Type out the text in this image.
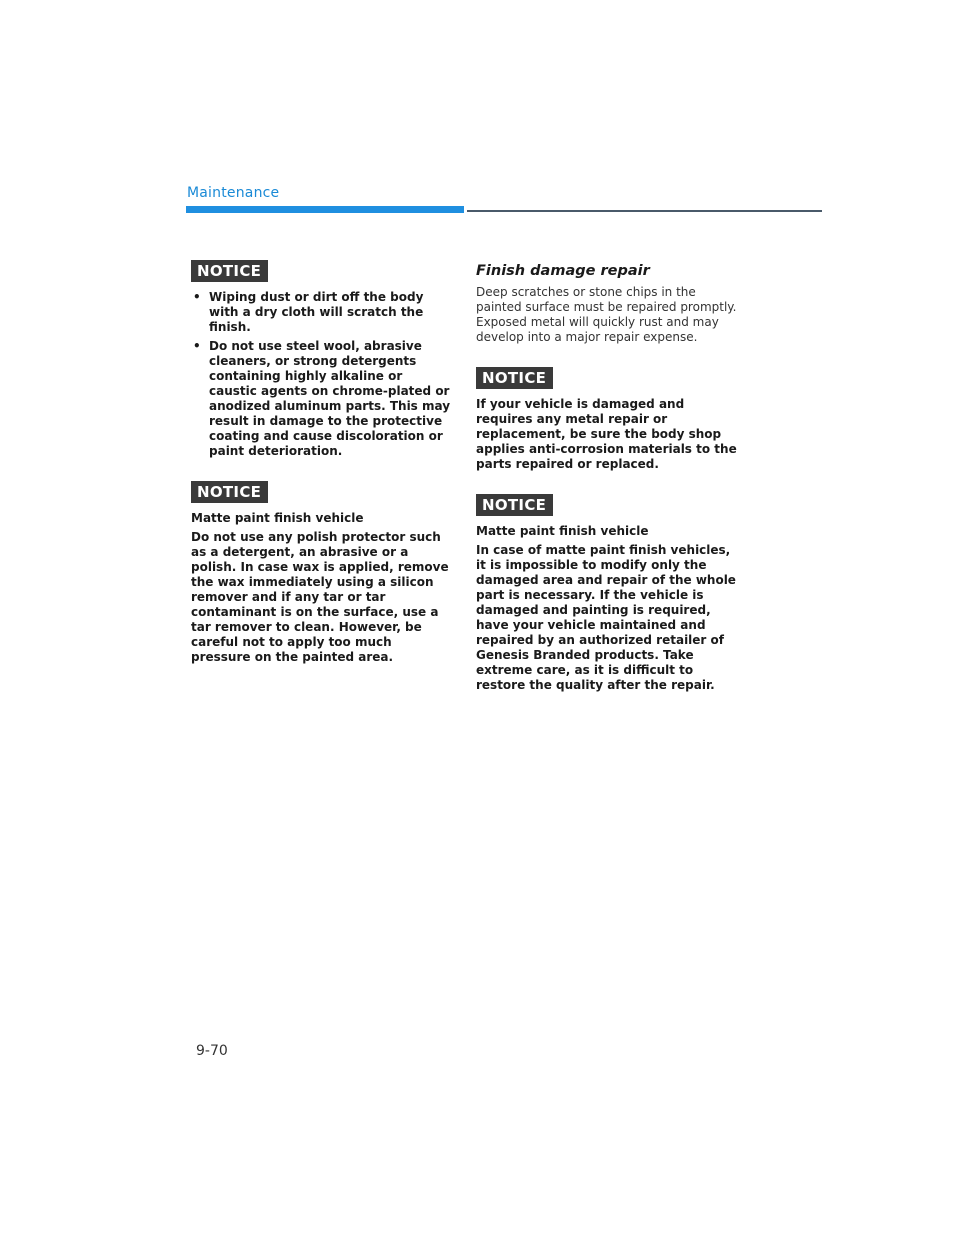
Maintenance
NOTICE
• Wiping dust or dirt off the body with a dry cloth will scratch the finish.
• Do not use steel wool, abrasive cleaners, or strong detergents containing highly alkaline or caustic agents on chrome-plated or anodized aluminum parts. This may result in damage to the protective coating and cause discoloration or paint deterioration.
NOTICE

Matte paint finish vehicle

Do not use any polish protector such as a detergent, an abrasive or a polish. In case wax is applied, remove the wax immediately using a silicon remover and if any tar or tar contaminant is on the surface, use a tar remover to clean. However, be careful not to apply too much pressure on the painted area.

Finish damage repair

Deep scratches or stone chips in the painted surface must be repaired promptly. Exposed metal will quickly rust and may develop into a major repair expense.

NOTICE

If your vehicle is damaged and requires any metal repair or replacement, be sure the body shop applies anti-corrosion materials to the parts repaired or replaced.

NOTICE

Matte paint finish vehicle

In case of matte paint finish vehicles, it is impossible to modify only the damaged area and repair of the whole part is necessary. If the vehicle is damaged and painting is required, have your vehicle maintained and repaired by an authorized retailer of Genesis Branded products. Take extreme care, as it is difficult to restore the quality after the repair.

9-70
